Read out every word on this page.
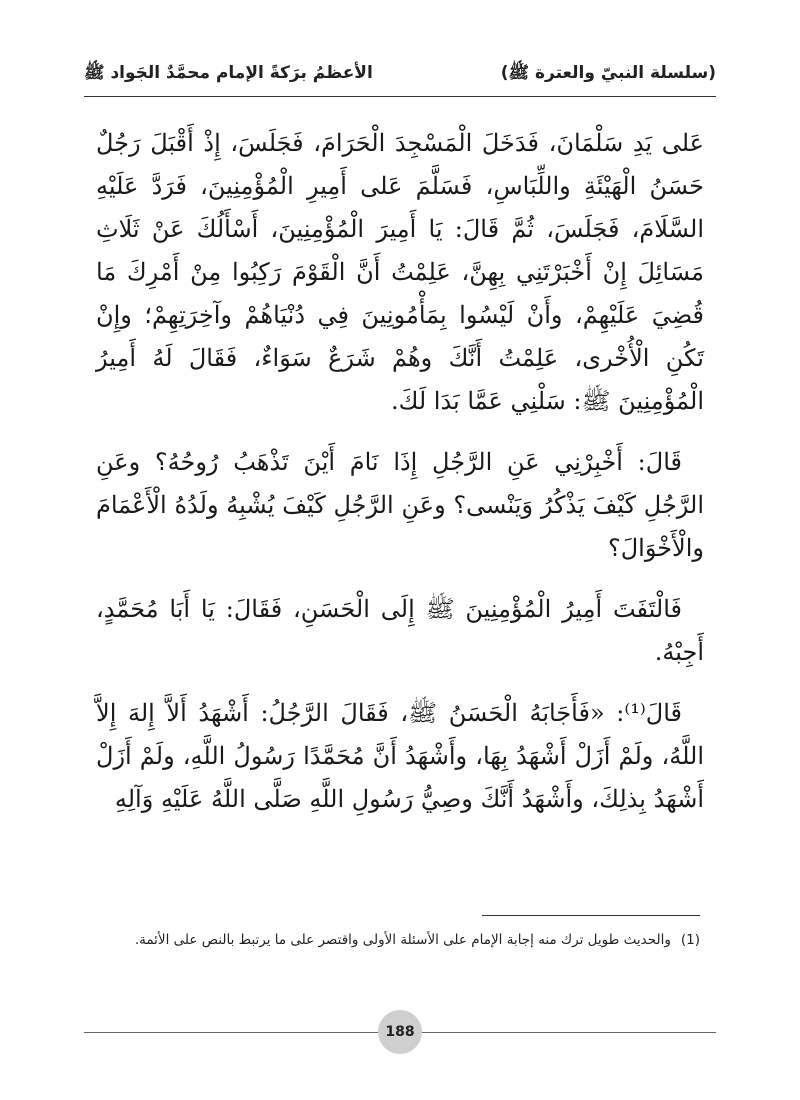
(سلسلة النبيّ والعترة ﷺ)
الأعظمُ برَكةً الإمام محمَّدٌ الجَواد ﷺ

عَلى يَدِ سَلْمَانَ، فَدَخَلَ الْمَسْجِدَ الْحَرَامَ، فَجَلَسَ، إِذْ أَقْبَلَ رَجُلٌ حَسَنُ الْهَيْئَةِ واللِّبَاسِ، فَسَلَّمَ عَلى أَمِيرِ الْمُؤْمِنِينَ، فَرَدَّ عَلَيْهِ السَّلَامَ، فَجَلَسَ، ثُمَّ قَالَ: يَا أَمِيرَ الْمُؤْمِنِينَ، أَسْأَلُكَ عَنْ ثَلَاثِ مَسَائِلَ إِنْ أَخْبَرْتَنِي بِهِنَّ، عَلِمْتُ أَنَّ الْقَوْمَ رَكِبُوا مِنْ أَمْرِكَ مَا قُضِيَ عَلَيْهِمْ، وأَنْ لَيْسُوا بِمَأْمُونِينَ فِي دُنْيَاهُمْ وآخِرَتِهِمْ؛ وإِنْ تَكُنِ الْأُخْرى، عَلِمْتُ أَنَّكَ وهُمْ شَرَعٌ سَوَاءٌ، فَقَالَ لَهُ أَمِيرُ الْمُؤْمِنِينَ ﷺ: سَلْنِي عَمَّا بَدَا لَكَ.

قَالَ: أَخْبِرْنِي عَنِ الرَّجُلِ إِذَا نَامَ أَيْنَ تَذْهَبُ رُوحُهُ؟ وعَنِ الرَّجُلِ كَيْفَ يَذْكُرُ وَيَنْسى؟ وعَنِ الرَّجُلِ كَيْفَ يُشْبِهُ ولَدُهُ الْأَعْمَامَ والْأَخْوَالَ؟

فَالْتَفَتَ أَمِيرُ الْمُؤْمِنِينَ ﷺ إِلَى الْحَسَنِ، فَقَالَ: يَا أَبَا مُحَمَّدٍ، أَجِبْهُ.

قَالَ⁽¹⁾: «فَأَجَابَهُ الْحَسَنُ ﷺ، فَقَالَ الرَّجُلُ: أَشْهَدُ أَلاَّ إِلهَ إِلاَّ اللَّهُ، ولَمْ أَزَلْ أَشْهَدُ بِهَا، وأَشْهَدُ أَنَّ مُحَمَّدًا رَسُولُ اللَّهِ، ولَمْ أَزَلْ أَشْهَدُ بِذلِكَ، وأَشْهَدُ أَنَّكَ وصِيُّ رَسُولِ اللَّهِ صَلَّى اللَّهُ عَلَيْهِ وَآلِهِ

(1)والحديث طويل ترك منه إجابة الإمام على الأسئلة الأولى واقتصر على ما يرتبط بالنص على الأئمة.
188
